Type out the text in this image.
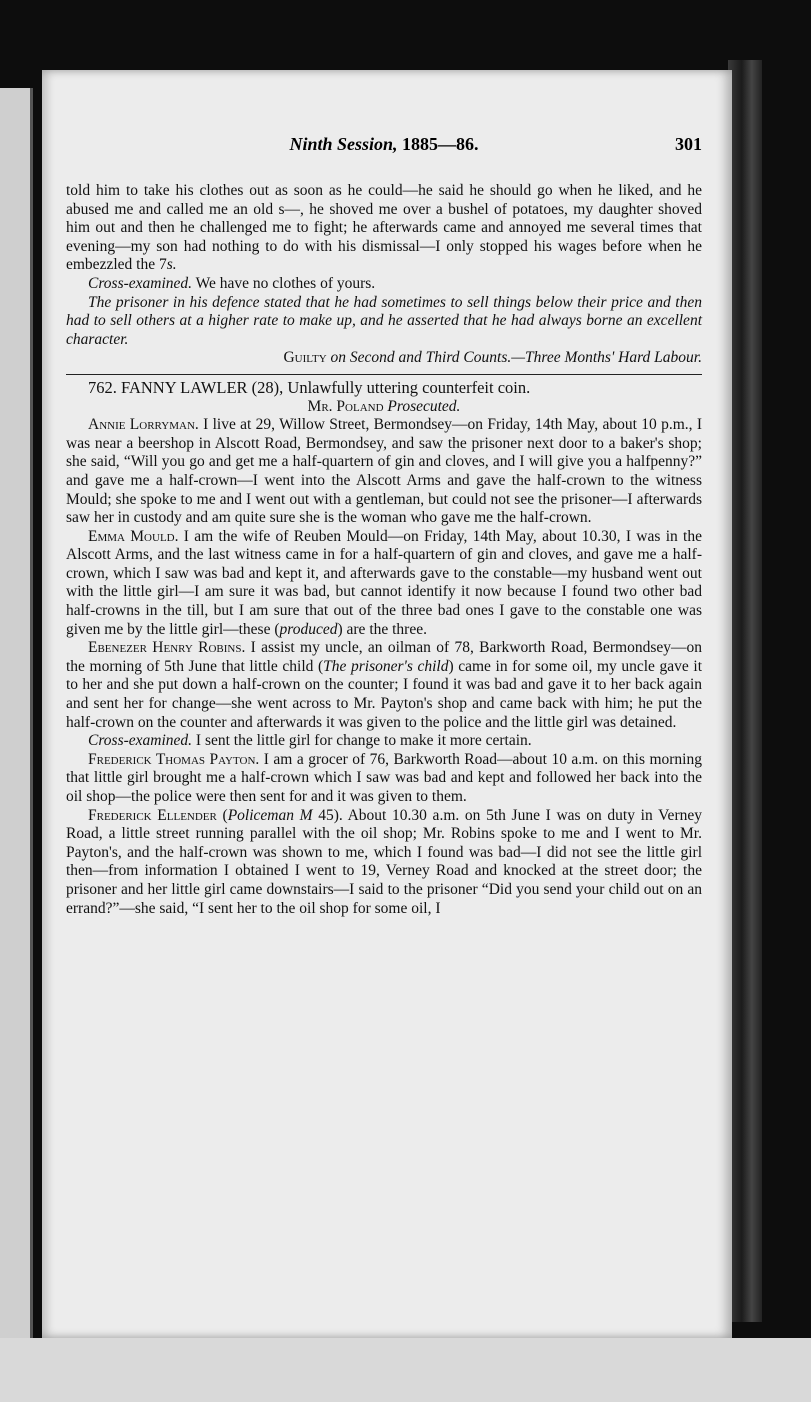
Ninth Session, 1885—86.	301

told him to take his clothes out as soon as he could—he said he should go when he liked, and he abused me and called me an old s—, he shoved me over a bushel of potatoes, my daughter shoved him out and then he challenged me to fight; he afterwards came and annoyed me several times that evening—my son had nothing to do with his dismissal—I only stopped his wages before when he embezzled the 7s.

Cross-examined. We have no clothes of yours.

The prisoner in his defence stated that he had sometimes to sell things below their price and then had to sell others at a higher rate to make up, and he asserted that he had always borne an excellent character.

Guilty on Second and Third Counts.—Three Months' Hard Labour.

762. FANNY LAWLER (28), Unlawfully uttering counterfeit coin.

Mr. Poland Prosecuted.

Annie Lorryman. I live at 29, Willow Street, Bermondsey—on Friday, 14th May, about 10 p.m., I was near a beershop in Alscott Road, Bermondsey, and saw the prisoner next door to a baker's shop; she said, “Will you go and get me a half-quartern of gin and cloves, and I will give you a halfpenny?” and gave me a half-crown—I went into the Alscott Arms and gave the half-crown to the witness Mould; she spoke to me and I went out with a gentleman, but could not see the prisoner—I afterwards saw her in custody and am quite sure she is the woman who gave me the half-crown.

Emma Mould. I am the wife of Reuben Mould—on Friday, 14th May, about 10.30, I was in the Alscott Arms, and the last witness came in for a half-quartern of gin and cloves, and gave me a half-crown, which I saw was bad and kept it, and afterwards gave to the constable—my husband went out with the little girl—I am sure it was bad, but cannot identify it now because I found two other bad half-crowns in the till, but I am sure that out of the three bad ones I gave to the constable one was given me by the little girl—these (produced) are the three.

Ebenezer Henry Robins. I assist my uncle, an oilman of 78, Barkworth Road, Bermondsey—on the morning of 5th June that little child (The prisoner's child) came in for some oil, my uncle gave it to her and she put down a half-crown on the counter; I found it was bad and gave it to her back again and sent her for change—she went across to Mr. Payton's shop and came back with him; he put the half-crown on the counter and afterwards it was given to the police and the little girl was detained.

Cross-examined. I sent the little girl for change to make it more certain.

Frederick Thomas Payton. I am a grocer of 76, Barkworth Road—about 10 a.m. on this morning that little girl brought me a half-crown which I saw was bad and kept and followed her back into the oil shop—the police were then sent for and it was given to them.

Frederick Ellender (Policeman M 45). About 10.30 a.m. on 5th June I was on duty in Verney Road, a little street running parallel with the oil shop; Mr. Robins spoke to me and I went to Mr. Payton's, and the half-crown was shown to me, which I found was bad—I did not see the little girl then—from information I obtained I went to 19, Verney Road and knocked at the street door; the prisoner and her little girl came downstairs—I said to the prisoner “Did you send your child out on an errand?”—she said, “I sent her to the oil shop for some oil, I
